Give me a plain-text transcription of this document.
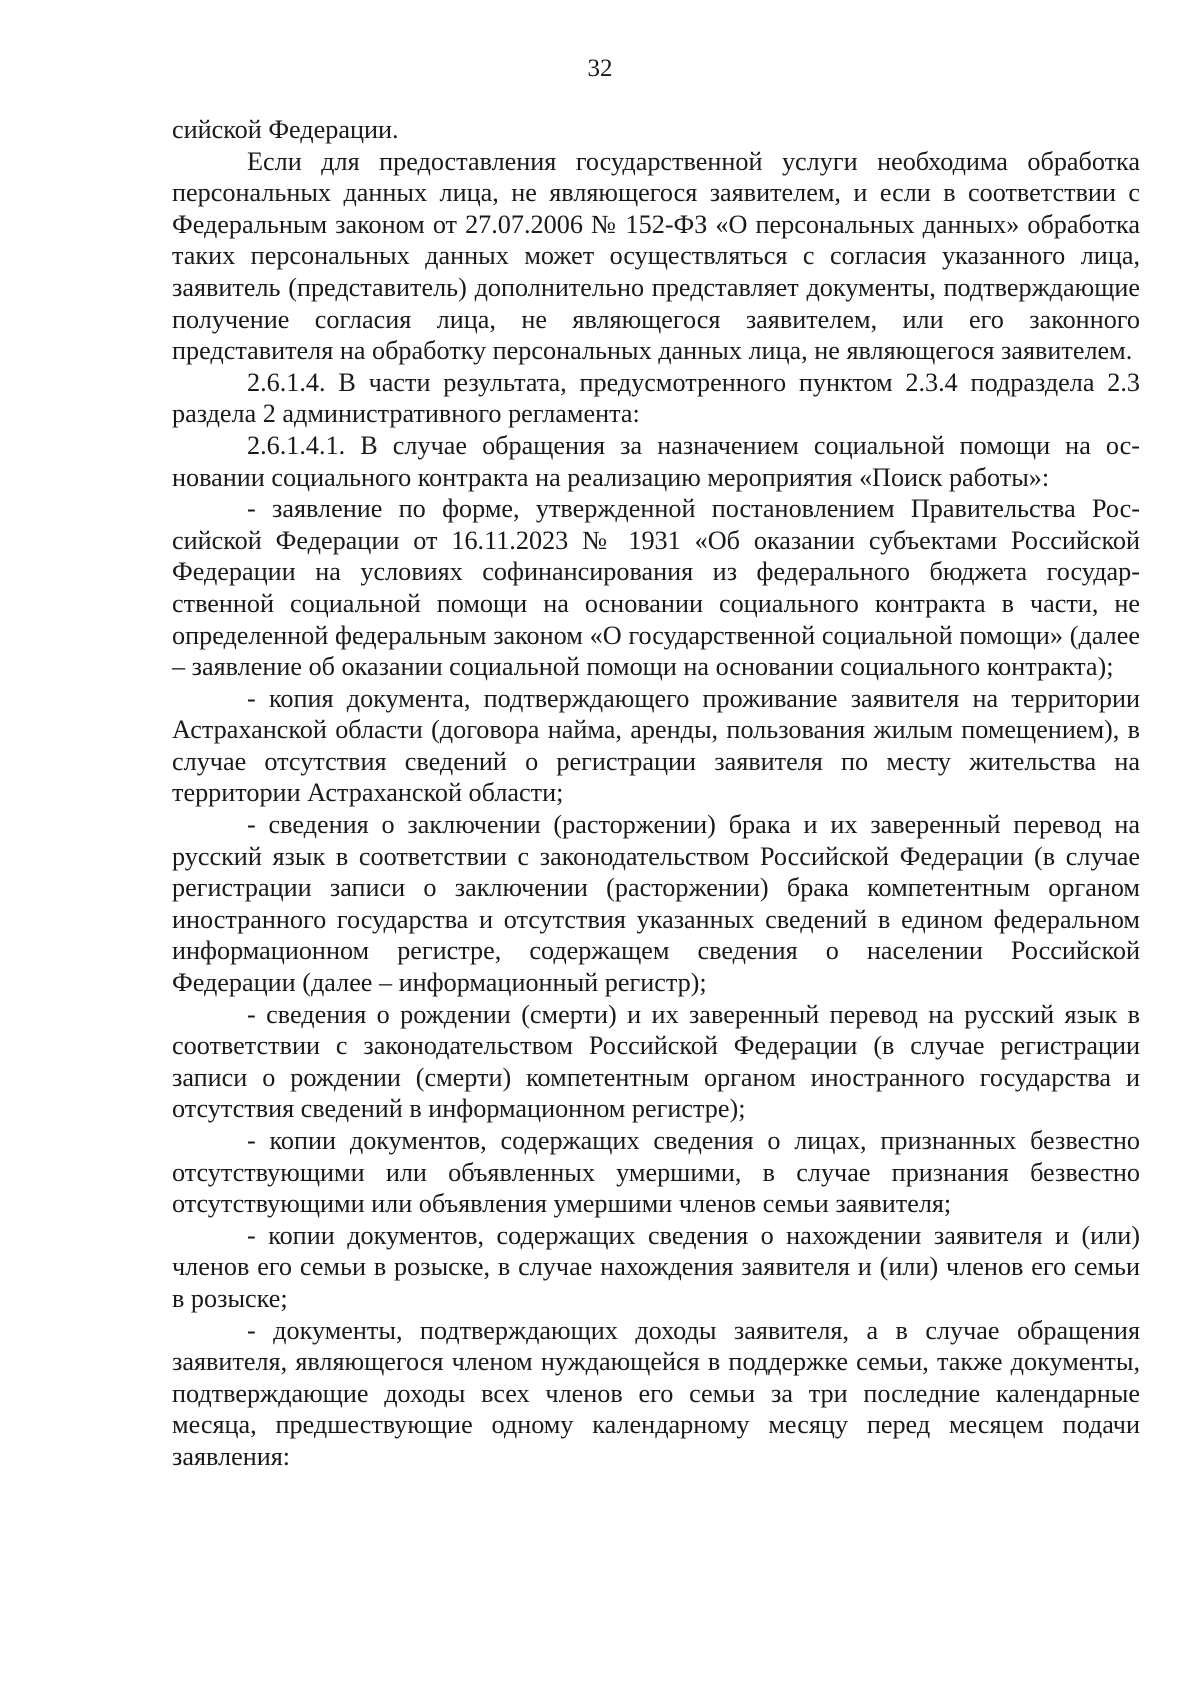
32

сийской Федерации.

Если для предоставления государственной услуги необходима обработка персональных данных лица, не являющегося заявителем, и если в соответствии с Федеральным законом от 27.07.2006 № 152-ФЗ «О персональных данных» обработка таких персональных данных может осуществляться с согласия указанного лица, заявитель (представитель) дополнительно представляет документы, подтверждающие получение согласия лица, не являющегося заявителем, или его законного представителя на обработку персональных данных лица, не являющегося заявителем.

2.6.1.4. В части результата, предусмотренного пунктом 2.3.4 подраздела 2.3 раздела 2 административного регламента:

2.6.1.4.1. В случае обращения за назначением социальной помощи на основании социального контракта на реализацию мероприятия «Поиск работы»:

- заявление по форме, утвержденной постановлением Правительства Российской Федерации от 16.11.2023 № 1931 «Об оказании субъектами Российской Федерации на условиях софинансирования из федерального бюджета государственной социальной помощи на основании социального контракта в части, не определенной федеральным законом «О государственной социальной помощи» (далее – заявление об оказании социальной помощи на основании социального контракта);

- копия документа, подтверждающего проживание заявителя на территории Астраханской области (договора найма, аренды, пользования жилым помещением), в случае отсутствия сведений о регистрации заявителя по месту жительства на территории Астраханской области;

- сведения о заключении (расторжении) брака и их заверенный перевод на русский язык в соответствии с законодательством Российской Федерации (в случае регистрации записи о заключении (расторжении) брака компетентным органом иностранного государства и отсутствия указанных сведений в едином федеральном информационном регистре, содержащем сведения о населении Российской Федерации (далее – информационный регистр);

- сведения о рождении (смерти) и их заверенный перевод на русский язык в соответствии с законодательством Российской Федерации (в случае регистрации записи о рождении (смерти) компетентным органом иностранного государства и отсутствия сведений в информационном регистре);

- копии документов, содержащих сведения о лицах, признанных безвестно отсутствующими или объявленных умершими, в случае признания безвестно отсутствующими или объявления умершими членов семьи заявителя;

- копии документов, содержащих сведения о нахождении заявителя и (или) членов его семьи в розыске, в случае нахождения заявителя и (или) членов его семьи в розыске;

- документы, подтверждающих доходы заявителя, а в случае обращения заявителя, являющегося членом нуждающейся в поддержке семьи, также документы, подтверждающие доходы всех членов его семьи за три последние календарные месяца, предшествующие одному календарному месяцу перед месяцем подачи заявления:
